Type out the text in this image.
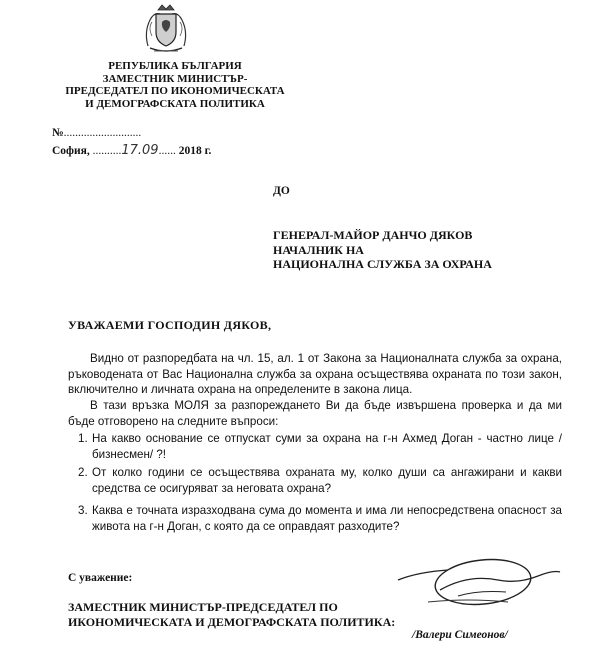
РЕПУБЛИКА БЪЛГАРИЯ
ЗАМЕСТНИК МИНИСТЪР-
ПРЕДСЕДАТЕЛ ПО ИКОНОМИЧЕСКАТА
И ДЕМОГРАФСКАТА ПОЛИТИКА
№...........................
София, ..........17.09...... 2018 г.
ДО
ГЕНЕРАЛ-МАЙОР ДАНЧО ДЯКОВ
НАЧАЛНИК НА
НАЦИОНАЛНА СЛУЖБА ЗА ОХРАНА
УВАЖАЕМИ ГОСПОДИН ДЯКОВ,
Видно от разпоредбата на чл. 15, ал. 1 от Закона за Националната служба за охрана, ръководената от Вас Национална служба за охрана осъществява охраната по този закон, включително и личната охрана на определените в закона лица.
В тази връзка МОЛЯ за разпореждането Ви да бъде извършена проверка и да ми бъде отговорено на следните въпроси:
1. На какво основание се отпускат суми за охрана на г-н Ахмед Доган - частно лице /бизнесмен/ ?!
2. От колко години се осъществява охраната му, колко души са ангажирани и какви средства се осигуряват за неговата охрана?
3. Каква е точната изразходвана сума до момента и има ли непосредствена опасност за живота на г-н Доган, с която да се оправдаят разходите?
С уважение:
ЗАМЕСТНИК МИНИСТЪР-ПРЕДСЕДАТЕЛ ПО
ИКОНОМИЧЕСКАТА И ДЕМОГРАФСКАТА ПОЛИТИКА:
/Валери Симеонов/
